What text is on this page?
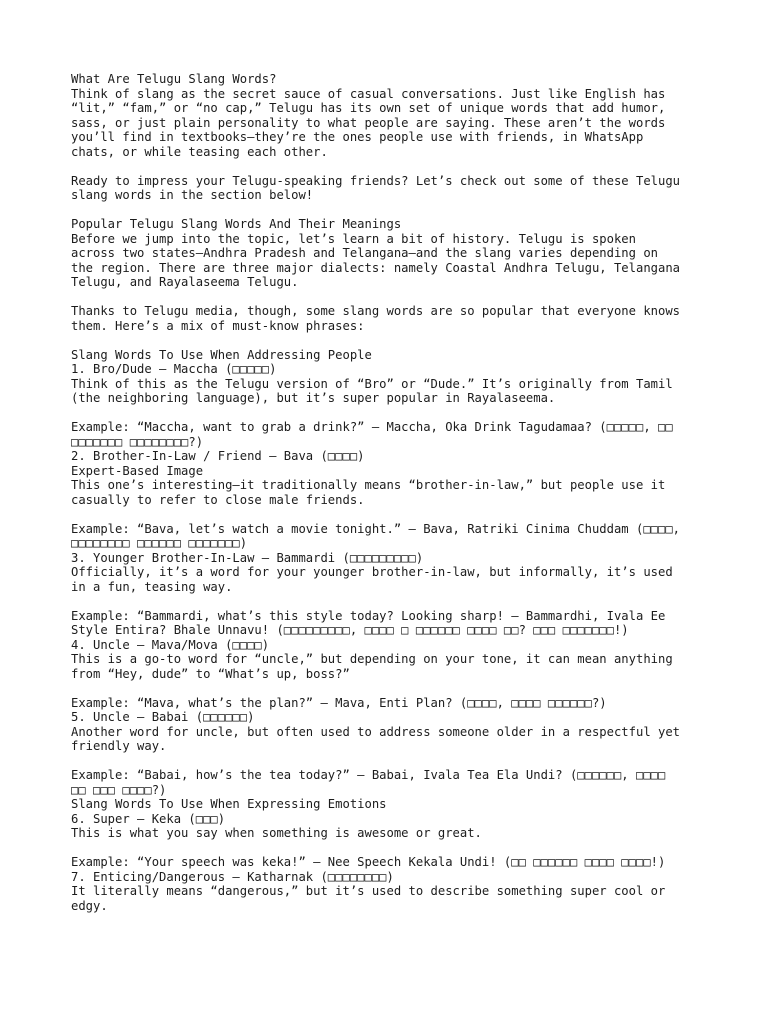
What Are Telugu Slang Words?
Think of slang as the secret sauce of casual conversations. Just like English has
“lit,” “fam,” or “no cap,” Telugu has its own set of unique words that add humor,
sass, or just plain personality to what people are saying. These aren’t the words
you’ll find in textbooks—they’re the ones people use with friends, in WhatsApp
chats, or while teasing each other.
Ready to impress your Telugu-speaking friends? Let’s check out some of these Telugu
slang words in the section below!
Popular Telugu Slang Words And Their Meanings
Before we jump into the topic, let’s learn a bit of history. Telugu is spoken
across two states—Andhra Pradesh and Telangana—and the slang varies depending on
the region. There are three major dialects: namely Coastal Andhra Telugu, Telangana
Telugu, and Rayalaseema Telugu.
Thanks to Telugu media, though, some slang words are so popular that everyone knows
them. Here’s a mix of must-know phrases:
Slang Words To Use When Addressing People
1. Bro/Dude – Maccha (□□□□□)
Think of this as the Telugu version of “Bro” or “Dude.” It’s originally from Tamil
(the neighboring language), but it’s super popular in Rayalaseema.
Example: “Maccha, want to grab a drink?” – Maccha, Oka Drink Tagudamaa? (□□□□□, □□
□□□□□□□ □□□□□□□□?)
2. Brother-In-Law / Friend – Bava (□□□□)
Expert-Based Image
This one’s interesting—it traditionally means “brother-in-law,” but people use it
casually to refer to close male friends.
Example: “Bava, let’s watch a movie tonight.” – Bava, Ratriki Cinima Chuddam (□□□□,
□□□□□□□□ □□□□□□ □□□□□□□)
3. Younger Brother-In-Law – Bammardi (□□□□□□□□□)
Officially, it’s a word for your younger brother-in-law, but informally, it’s used
in a fun, teasing way.
Example: “Bammardi, what’s this style today? Looking sharp! – Bammardhi, Ivala Ee
Style Entira? Bhale Unnavu! (□□□□□□□□□, □□□□ □ □□□□□□ □□□□ □□? □□□ □□□□□□□!)
4. Uncle – Mava/Mova (□□□□)
This is a go-to word for “uncle,” but depending on your tone, it can mean anything
from “Hey, dude” to “What’s up, boss?”
Example: “Mava, what’s the plan?” – Mava, Enti Plan? (□□□□, □□□□ □□□□□□?)
5. Uncle – Babai (□□□□□□)
Another word for uncle, but often used to address someone older in a respectful yet
friendly way.
Example: “Babai, how’s the tea today?” – Babai, Ivala Tea Ela Undi? (□□□□□□, □□□□
□□ □□□ □□□□?)
Slang Words To Use When Expressing Emotions
6. Super – Keka (□□□)
This is what you say when something is awesome or great.
Example: “Your speech was keka!” – Nee Speech Kekala Undi! (□□ □□□□□□ □□□□ □□□□!)
7. Enticing/Dangerous – Katharnak (□□□□□□□□)
It literally means “dangerous,” but it’s used to describe something super cool or
edgy.
